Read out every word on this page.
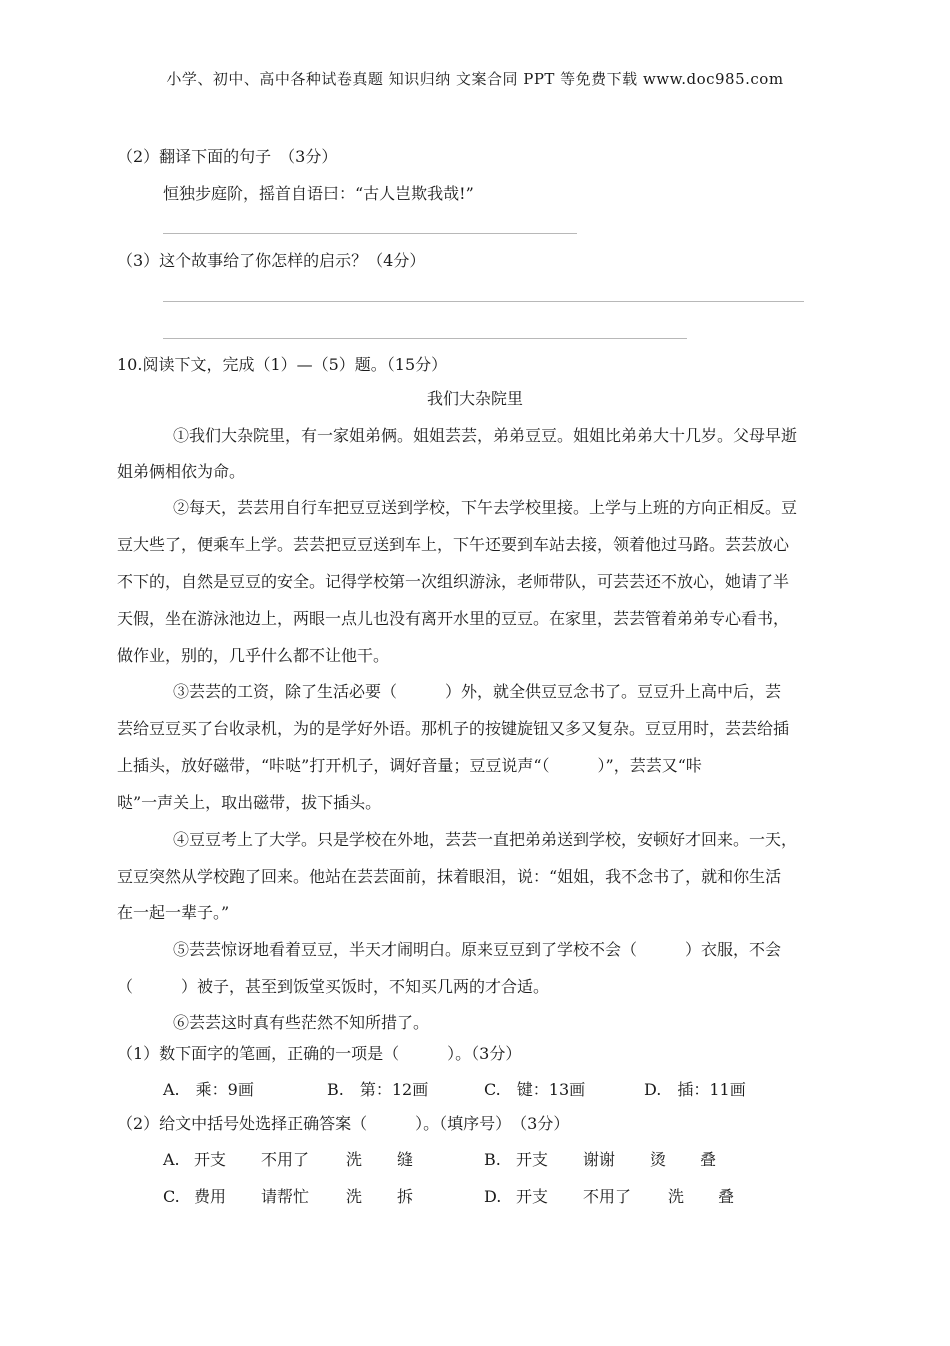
小学、初中、高中各种试卷真题 知识归纳 文案合同 PPT 等免费下载 www.doc985.com
（2）翻译下面的句子　（3分）
恒独步庭阶，摇首自语曰：“古人岂欺我哉!”
（3）这个故事给了你怎样的启示？（4分）
10.阅读下文，完成（1）—（5）题。（15分）
我们大杂院里
①我们大杂院里，有一家姐弟俩。姐姐芸芸，弟弟豆豆。姐姐比弟弟大十几岁。父母早逝
姐弟俩相依为命。
②每天，芸芸用自行车把豆豆送到学校，下午去学校里接。上学与上班的方向正相反。豆
豆大些了，便乘车上学。芸芸把豆豆送到车上，下午还要到车站去接，领着他过马路。芸芸放心
不下的，自然是豆豆的安全。记得学校第一次组织游泳，老师带队，可芸芸还不放心，她请了半
天假，坐在游泳池边上，两眼一点儿也没有离开水里的豆豆。在家里，芸芸管着弟弟专心看书，
做作业，别的，几乎什么都不让他干。
③芸芸的工资，除了生活必要（　　　）外，就全供豆豆念书了。豆豆升上高中后，芸
芸给豆豆买了台收录机，为的是学好外语。那机子的按键旋钮又多又复杂。豆豆用时，芸芸给插
上插头，放好磁带，“咔哒”打开机子，调好音量；豆豆说声“（　　　）”，芸芸又“咔
哒”一声关上，取出磁带，拔下插头。
④豆豆考上了大学。只是学校在外地，芸芸一直把弟弟送到学校，安顿好才回来。一天，
豆豆突然从学校跑了回来。他站在芸芸面前，抹着眼泪，说：“姐姐，我不念书了，就和你生活
在一起一辈子。”
⑤芸芸惊讶地看着豆豆，半天才闹明白。原来豆豆到了学校不会（　　　）衣服，不会
（　　　）被子，甚至到饭堂买饭时，不知买几两的才合适。
⑥芸芸这时真有些茫然不知所措了。
（1）数下面字的笔画，正确的一项是（　　　）。（3分）
A.　乘：9画	B.　第：12画	C.　键：13画	D.　插：11画
（2）给文中括号处选择正确答案（　　　）。（填序号）　（3分）
A. 开支 不用了 洗 缝	B. 开支 谢谢 烫 叠
C. 费用 请帮忙 洗 拆	D. 开支 不用了 洗 叠
